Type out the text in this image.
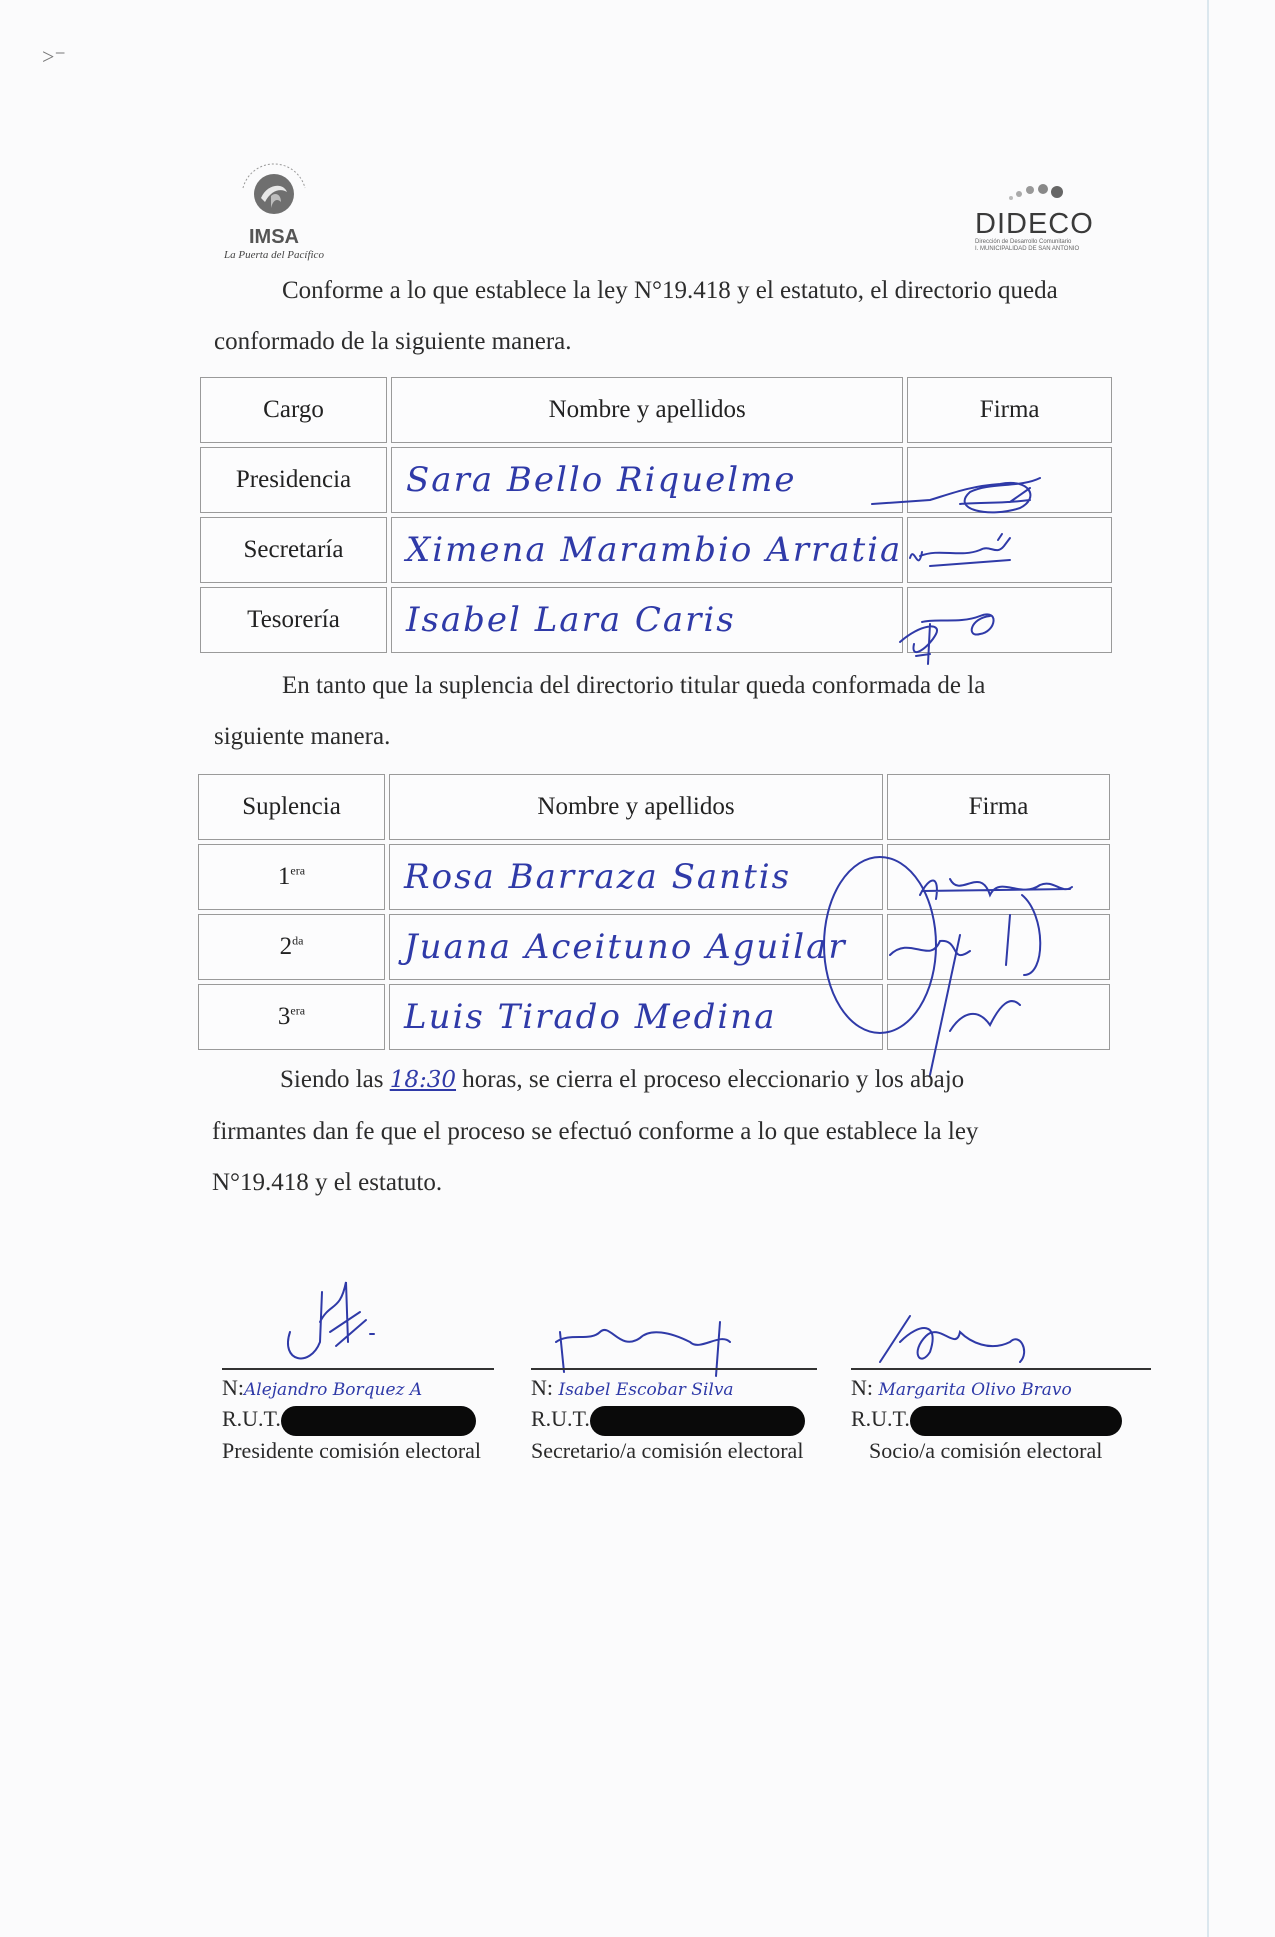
>⁻
IMSA
La Puerta del Pacífico
DIDECO
Dirección de Desarrollo Comunitario
I. MUNICIPALIDAD DE SAN ANTONIO
Conforme a lo que establece la ley N°19.418 y el estatuto, el directorio queda
conformado de la siguiente manera.
Cargo	Nombre y apellidos	Firma
Presidencia	Sara Bello Riquelme	
Secretaría	Ximena Marambio Arratia	
Tesorería	Isabel Lara Caris	
En tanto que la suplencia del directorio titular queda conformada de la
siguiente manera.
Suplencia	Nombre y apellidos	Firma
$1^{era}$	Rosa Barraza Santis	
$2^{da}$	Juana Aceituno Aguilar	
$3^{era}$	Luis Tirado Medina	
Siendo las 18:30 horas, se cierra el proceso eleccionario y los abajo
firmantes dan fe que el proceso se efectuó conforme a lo que establece la ley
N°19.418 y el estatuto.
N:Alejandro Borquez A
R.U.T.
Presidente comisión electoral
N: Isabel Escobar Silva
R.U.T.
Secretario/a comisión electoral
N: Margarita Olivo Bravo
R.U.T.
Socio/a comisión electoral
